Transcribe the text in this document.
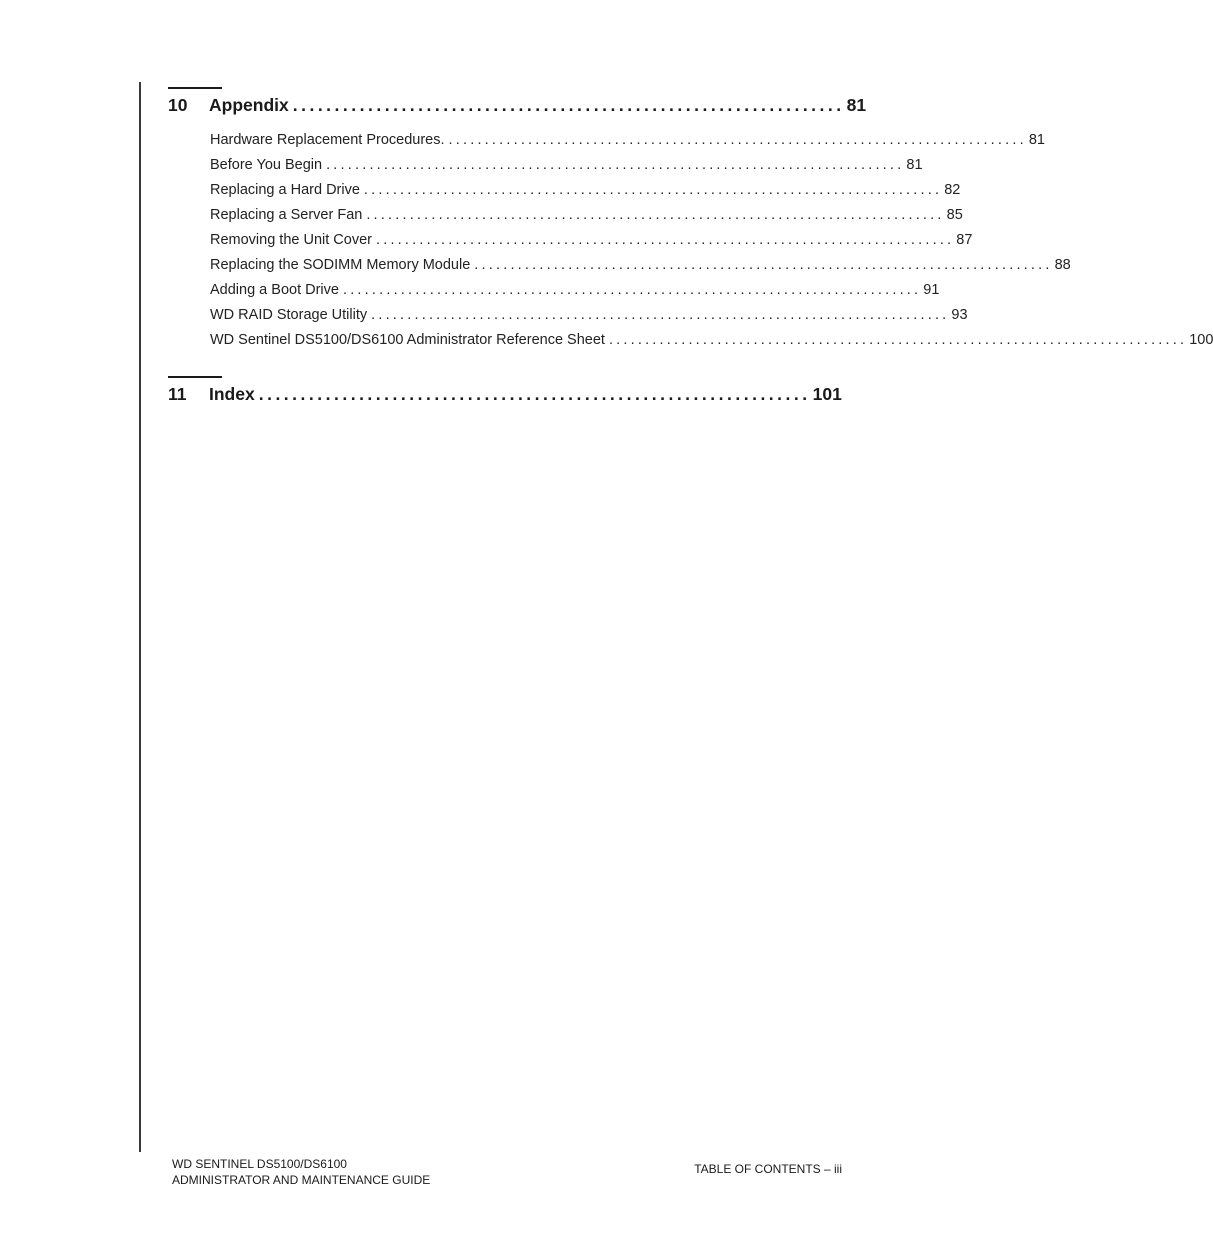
10	Appendix .................................................................. 81
Hardware Replacement Procedures. ................................................................................ 81
Before You Begin ................................................................................ 81
Replacing a Hard Drive ................................................................................ 82
Replacing a Server Fan ................................................................................ 85
Removing the Unit Cover ................................................................................ 87
Replacing the SODIMM Memory Module ................................................................................ 88
Adding a Boot Drive ................................................................................ 91
WD RAID Storage Utility ................................................................................ 93
WD Sentinel DS5100/DS6100 Administrator Reference Sheet ................................................................................ 100
11	Index .................................................................. 101
WD SENTINEL DS5100/DS6100
ADMINISTRATOR AND MAINTENANCE GUIDE
TABLE OF CONTENTS – iii
